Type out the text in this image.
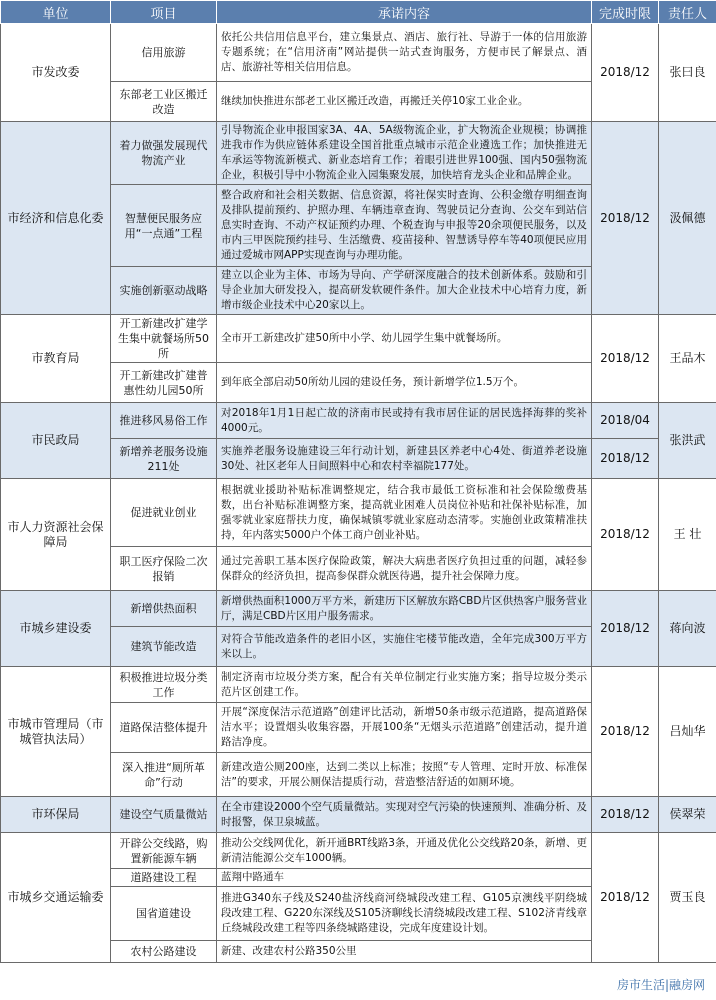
单位	项目	承诺内容	完成时限	责任人
市发改委	信用旅游	依托公共信用信息平台，建立集景点、酒店、旅行社、导游于一体的信用旅游专题系统；在“信用济南”网站提供一站式查询服务，方便市民了解景点、酒店、旅游社等相关信用信息。	2018/12	张曰良
	东部老工业区搬迁改造	继续加快推进东部老工业区搬迁改造，再搬迁关停10家工业企业。		
市经济和信息化委	着力做强发展现代物流产业	引导物流企业申报国家3A、4A、5A级物流企业，扩大物流企业规模；协调推进我市作为供应链体系建设全国首批重点城市示范企业遴选工作；加快推进无车承运等物流新模式、新业态培育工作；着眼引进世界100强、国内50强物流企业，积极引导中小物流企业入园集聚发展，加快培育龙头企业和品牌企业。	2018/12	汲佩德
	智慧便民服务应用“一点通”工程	整合政府和社会相关数据、信息资源，将社保实时查询、公积金缴存明细查询及排队提前预约、护照办理、车辆违章查询、驾驶员记分查询、公交车到站信息实时查询、不动产权证预约办理、个税查询与申报等20余项便民服务，以及市内三甲医院预约挂号、生活缴费、疫苗接种、智慧诱导停车等40项便民应用通过爱城市网APP实现查询与办理功能。		
	实施创新驱动战略	建立以企业为主体、市场为导向、产学研深度融合的技术创新体系。鼓励和引导企业加大研发投入，提高研发软硬件条件。加大企业技术中心培育力度，新增市级企业技术中心20家以上。		
市教育局	开工新建改扩建学生集中就餐场所50所	全市开工新建改扩建50所中小学、幼儿园学生集中就餐场所。	2018/12	王品木
	开工新建改扩建普惠性幼儿园50所	到年底全部启动50所幼儿园的建设任务，预计新增学位1.5万个。		
市民政局	推进移风易俗工作	对2018年1月1日起亡故的济南市民或持有我市居住证的居民选择海葬的奖补4000元。	2018/04	张洪武
	新增养老服务设施211处	实施养老服务设施建设三年行动计划，新建县区养老中心4处、街道养老设施30处、社区老年人日间照料中心和农村幸福院177处。	2018/12	
市人力资源社会保障局	促进就业创业	根据就业援助补贴标准调整规定，结合我市最低工资标准和社会保险缴费基数，出台补贴标准调整方案，提高就业困难人员岗位补贴和社保补贴标准，加强零就业家庭帮扶力度，确保城镇零就业家庭动态清零。实施创业政策精准扶持，年内落实5000户个体工商户创业补贴。	2018/12	王 壮
	职工医疗保险二次报销	通过完善职工基本医疗保险政策，解决大病患者医疗负担过重的问题，减轻参保群众的经济负担，提高参保群众就医待遇，提升社会保障力度。		
市城乡建设委	新增供热面积	新增供热面积1000万平方米，新建历下区解放东路CBD片区供热客户服务营业厅，满足CBD片区用户服务需求。	2018/12	蒋向波
	建筑节能改造	对符合节能改造条件的老旧小区，实施住宅楼节能改造，全年完成300万平方米以上。		
市城市管理局（市城管执法局）	积极推进垃圾分类工作	制定济南市垃圾分类方案，配合有关单位制定行业实施方案；指导垃圾分类示范片区创建工作。	2018/12	吕灿华
	道路保洁整体提升	开展“深度保洁示范道路”创建评比活动，新增50条市级示范道路，提高道路保洁水平；设置烟头收集容器，开展100条“无烟头示范道路”创建活动，提升道路洁净度。		
	深入推进“厕所革命”行动	新建改造公厕200座，达到二类以上标准；按照“专人管理、定时开放、标准保洁”的要求，开展公厕保洁提质行动，营造整洁舒适的如厕环境。		
市环保局	建设空气质量微站	在全市建设2000个空气质量微站。实现对空气污染的快速预判、准确分析、及时报警，保卫泉城蓝。	2018/12	侯翠荣
市城乡交通运输委	开辟公交线路，购置新能源车辆	推动公交线网优化，新开通BRT线路3条，开通及优化公交线路20条，新增、更新清洁能源公交车1000辆。	2018/12	贾玉良
	道路建设工程	蓝翔中路通车		
	国省道建设	推进G340东子线及S240盐济线商河绕城段改建工程、G105京澳线平阴绕城段改建工程、G220东深线及S105济聊线长清绕城段改建工程、S102济青线章丘绕城段改建工程等四条绕城路建设，完成年度建设计划。		
	农村公路建设	新建、改建农村公路350公里		
房市生活|融房网
